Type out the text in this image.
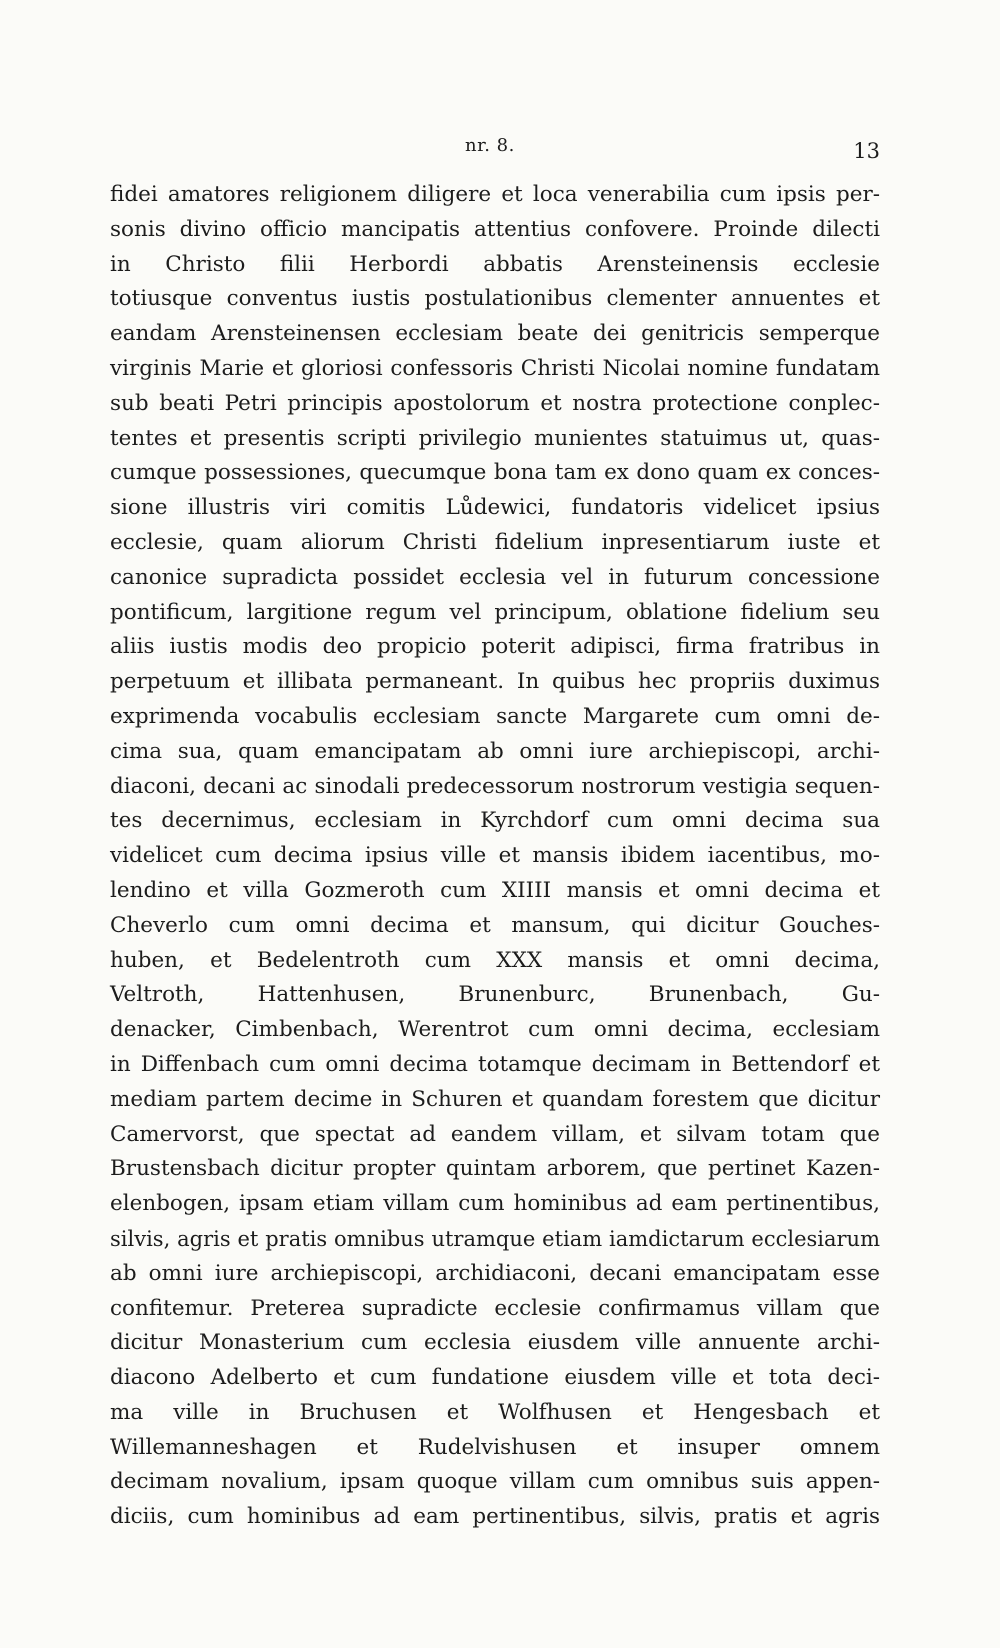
nr. 8.	13
fidei amatores religionem diligere et loca venerabilia cum ipsis per-
sonis divino officio mancipatis attentius confovere. Proinde dilecti
in Christo filii Herbordi abbatis Arensteinensis ecclesie
totiusque conventus iustis postulationibus clementer annuentes et
eandam Arensteinensen ecclesiam beate dei genitricis semperque
virginis Marie et gloriosi confessoris Christi Nicolai nomine fundatam
sub beati Petri principis apostolorum et nostra protectione conplec-
tentes et presentis scripti privilegio munientes statuimus ut, quas-
cumque possessiones, quecumque bona tam ex dono quam ex conces-
sione illustris viri comitis Lůdewici, fundatoris videlicet ipsius
ecclesie, quam aliorum Christi fidelium inpresentiarum iuste et
canonice supradicta possidet ecclesia vel in futurum concessione
pontificum, largitione regum vel principum, oblatione fidelium seu
aliis iustis modis deo propicio poterit adipisci, firma fratribus in
perpetuum et illibata permaneant. In quibus hec propriis duximus
exprimenda vocabulis ecclesiam sancte Margarete cum omni de-
cima sua, quam emancipatam ab omni iure archiepiscopi, archi-
diaconi, decani ac sinodali predecessorum nostrorum vestigia sequen-
tes decernimus, ecclesiam in Kyrchdorf cum omni decima sua
videlicet cum decima ipsius ville et mansis ibidem iacentibus, mo-
lendino et villa Gozmeroth cum XIIII mansis et omni decima et
Cheverlo cum omni decima et mansum, qui dicitur Gouches-
huben, et Bedelentroth cum XXX mansis et omni decima,
Veltroth, Hattenhusen, Brunenburc, Brunenbach, Gu-
denacker, Cimbenbach, Werentrot cum omni decima, ecclesiam
in Diffenbach cum omni decima totamque decimam in Bettendorf et
mediam partem decime in Schuren et quandam forestem que dicitur
Camervorst, que spectat ad eandem villam, et silvam totam que
Brustensbach dicitur propter quintam arborem, que pertinet Kazen-
elenbogen, ipsam etiam villam cum hominibus ad eam pertinentibus,
silvis, agris et pratis omnibus utramque etiam iamdictarum ecclesiarum
ab omni iure archiepiscopi, archidiaconi, decani emancipatam esse
confitemur. Preterea supradicte ecclesie confirmamus villam que
dicitur Monasterium cum ecclesia eiusdem ville annuente archi-
diacono Adelberto et cum fundatione eiusdem ville et tota deci-
ma ville in Bruchusen et Wolfhusen et Hengesbach et
Willemanneshagen et Rudelvishusen et insuper omnem
decimam novalium, ipsam quoque villam cum omnibus suis appen-
diciis, cum hominibus ad eam pertinentibus, silvis, pratis et agris
